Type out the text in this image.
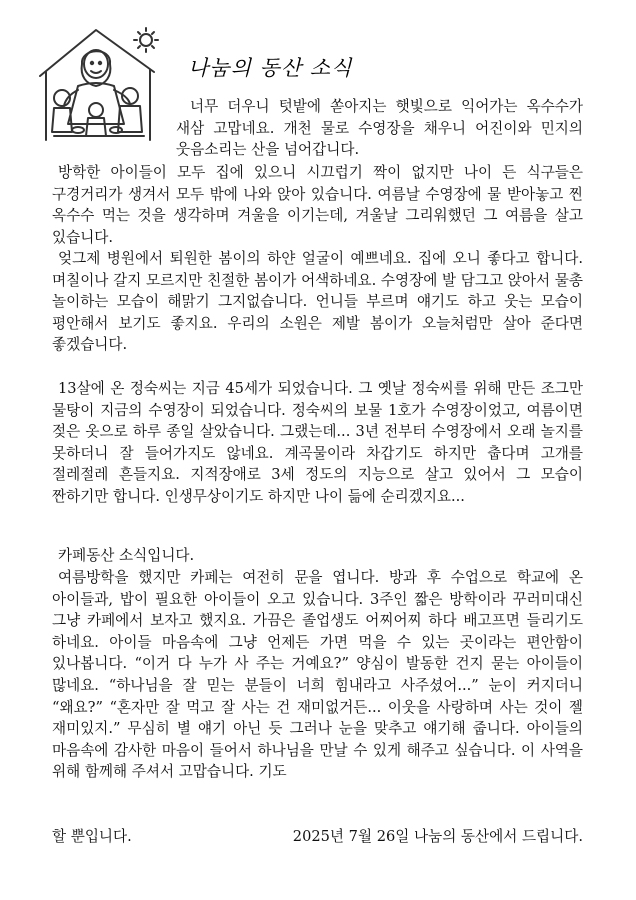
나눔의 동산 소식

너무 더우니 텃밭에 쏟아지는 햇빛으로 익어가는 옥수수가 새삼 고맙네요. 개천 물로 수영장을 채우니 어진이와 민지의 웃음소리는 산을 넘어갑니다.

방학한 아이들이 모두 집에 있으니 시끄럽기 짝이 없지만 나이 든 식구들은 구경거리가 생겨서 모두 밖에 나와 앉아 있습니다. 여름날 수영장에 물 받아놓고 찐 옥수수 먹는 것을 생각하며 겨울을 이기는데, 겨울날 그리워했던 그 여름을 살고 있습니다.

엊그제 병원에서 퇴원한 봄이의 하얀 얼굴이 예쁘네요. 집에 오니 좋다고 합니다. 며칠이나 갈지 모르지만 친절한 봄이가 어색하네요. 수영장에 발 담그고 앉아서 물총 놀이하는 모습이 해맑기 그지없습니다. 언니들 부르며 얘기도 하고 웃는 모습이 평안해서 보기도 좋지요. 우리의 소원은 제발 봄이가 오늘처럼만 살아 준다면 좋겠습니다.

13살에 온 정숙씨는 지금 45세가 되었습니다. 그 옛날 정숙씨를 위해 만든 조그만 물탕이 지금의 수영장이 되었습니다. 정숙씨의 보물 1호가 수영장이었고, 여름이면 젖은 옷으로 하루 종일 살았습니다. 그랬는데... 3년 전부터 수영장에서 오래 놀지를 못하더니 잘 들어가지도 않네요. 계곡물이라 차갑기도 하지만 춥다며 고개를 절레절레 흔들지요. 지적장애로 3세 정도의 지능으로 살고 있어서 그 모습이 짠하기만 합니다. 인생무상이기도 하지만 나이 듦에 순리겠지요...

카페동산 소식입니다.

여름방학을 했지만 카페는 여전히 문을 엽니다. 방과 후 수업으로 학교에 온 아이들과, 밥이 필요한 아이들이 오고 있습니다. 3주인 짧은 방학이라 꾸러미대신 그냥 카페에서 보자고 했지요. 가끔은 졸업생도 어찌어찌 하다 배고프면 들리기도 하네요. 아이들 마음속에 그냥 언제든 가면 먹을 수 있는 곳이라는 편안함이 있나봅니다. “이거 다 누가 사 주는 거예요?” 양심이 발동한 건지 묻는 아이들이 많네요. “하나님을 잘 믿는 분들이 너희 힘내라고 사주셨어...” 눈이 커지더니 “왜요?” “혼자만 잘 먹고 잘 사는 건 재미없거든... 이웃을 사랑하며 사는 것이 젤 재미있지.” 무심히 별 얘기 아닌 듯 그러나 눈을 맞추고 얘기해 줍니다. 아이들의 마음속에 감사한 마음이 들어서 하나님을 만날 수 있게 해주고 싶습니다. 이 사역을 위해 함께해 주셔서 고맙습니다. 기도

할 뿐입니다.	2025년 7월 26일 나눔의 동산에서 드립니다.
